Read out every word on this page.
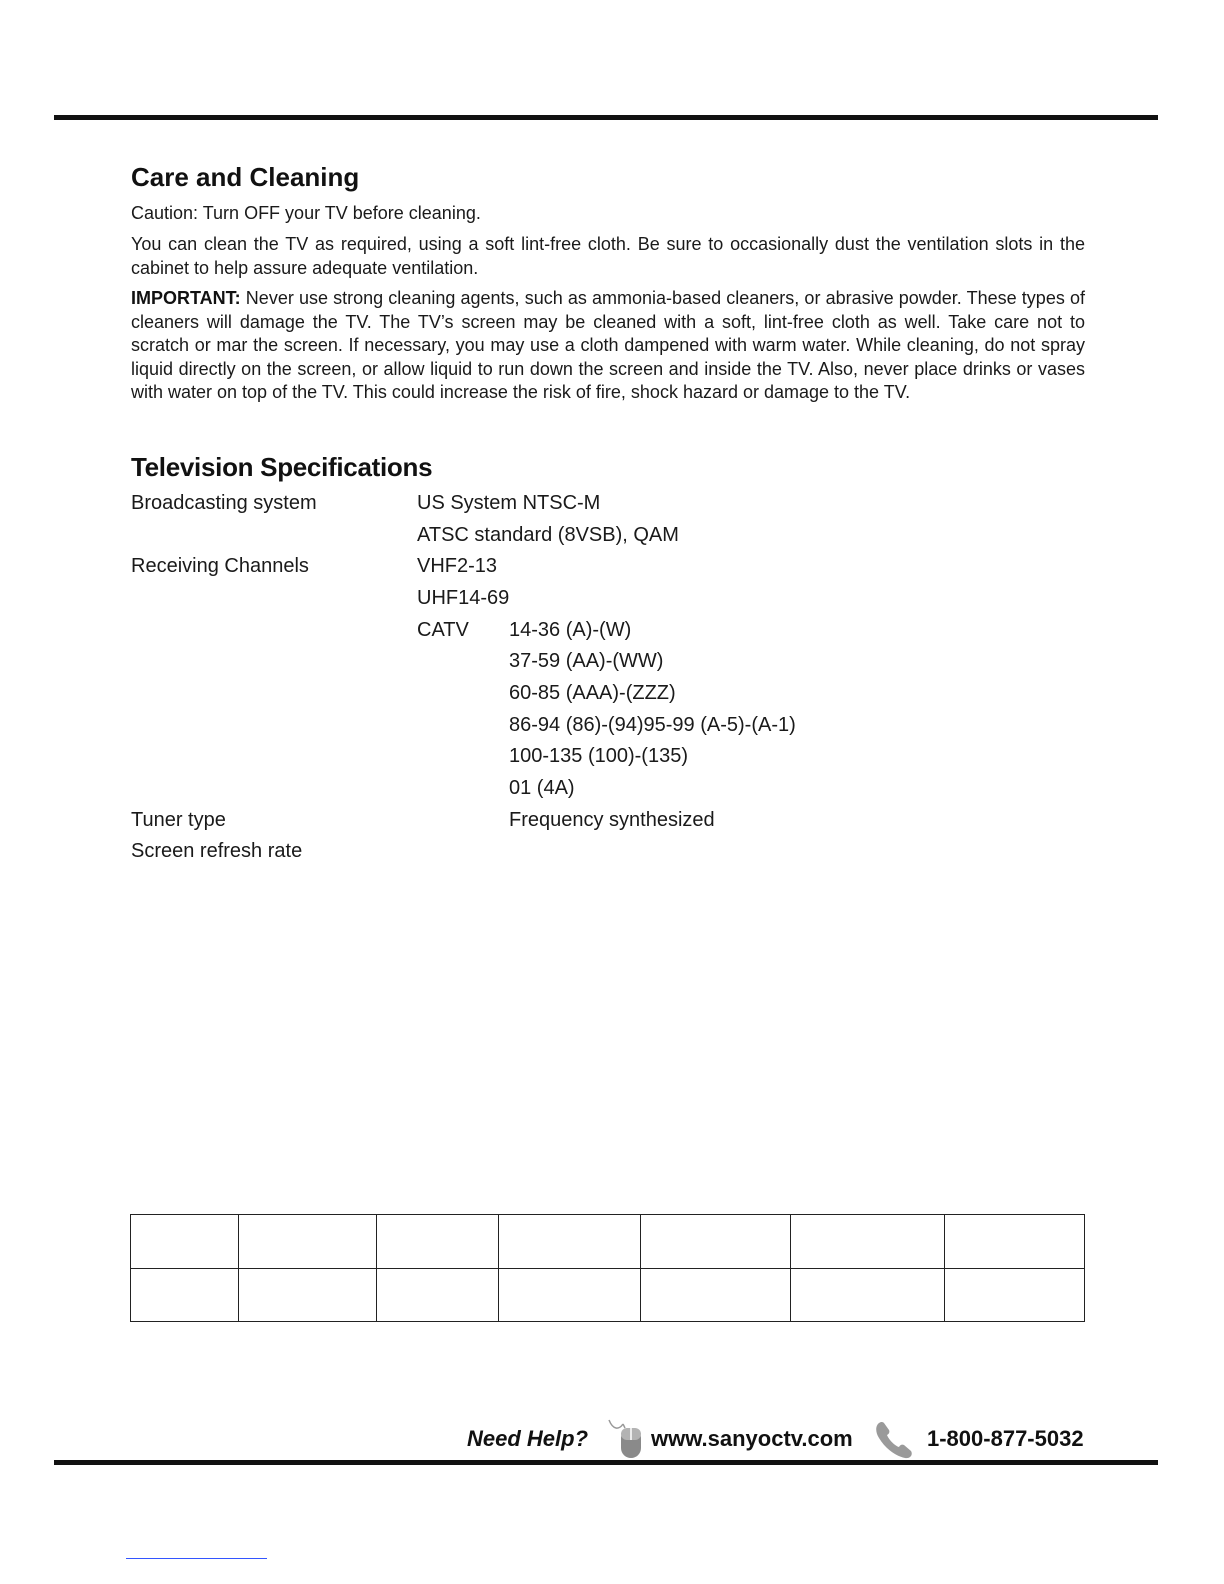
Care and Cleaning

Caution: Turn OFF your TV before cleaning.

You can clean the TV as required, using a soft lint-free cloth. Be sure to occasionally dust the ventilation slots in the cabinet to help assure adequate ventilation.

IMPORTANT: Never use strong cleaning agents, such as ammonia-based cleaners, or abrasive powder. These types of cleaners will damage the TV. The TV’s screen may be cleaned with a soft, lint-free cloth as well. Take care not to scratch or mar the screen. If necessary, you may use a cloth dampened with warm water. While cleaning, do not spray liquid directly on the screen, or allow liquid to run down the screen and inside the TV. Also, never place drinks or vases with water on top of the TV. This could increase the risk of fire, shock hazard or damage to the TV.

Television Specifications
Broadcasting system	US System NTSC-M
ATSC standard (8VSB), QAM
Receiving Channels	VHF2-13
UHF14-69
CATV 14-36 (A)-(W)
37-59 (AA)-(WW)
60-85 (AAA)-(ZZZ)
86-94 (86)-(94)95-99 (A-5)-(A-1)
100-135 (100)-(135)
01 (4A)
Tuner type	Frequency synthesized
Screen refresh rate

Need Help?	www.sanyoctv.com	1-800-877-5032
